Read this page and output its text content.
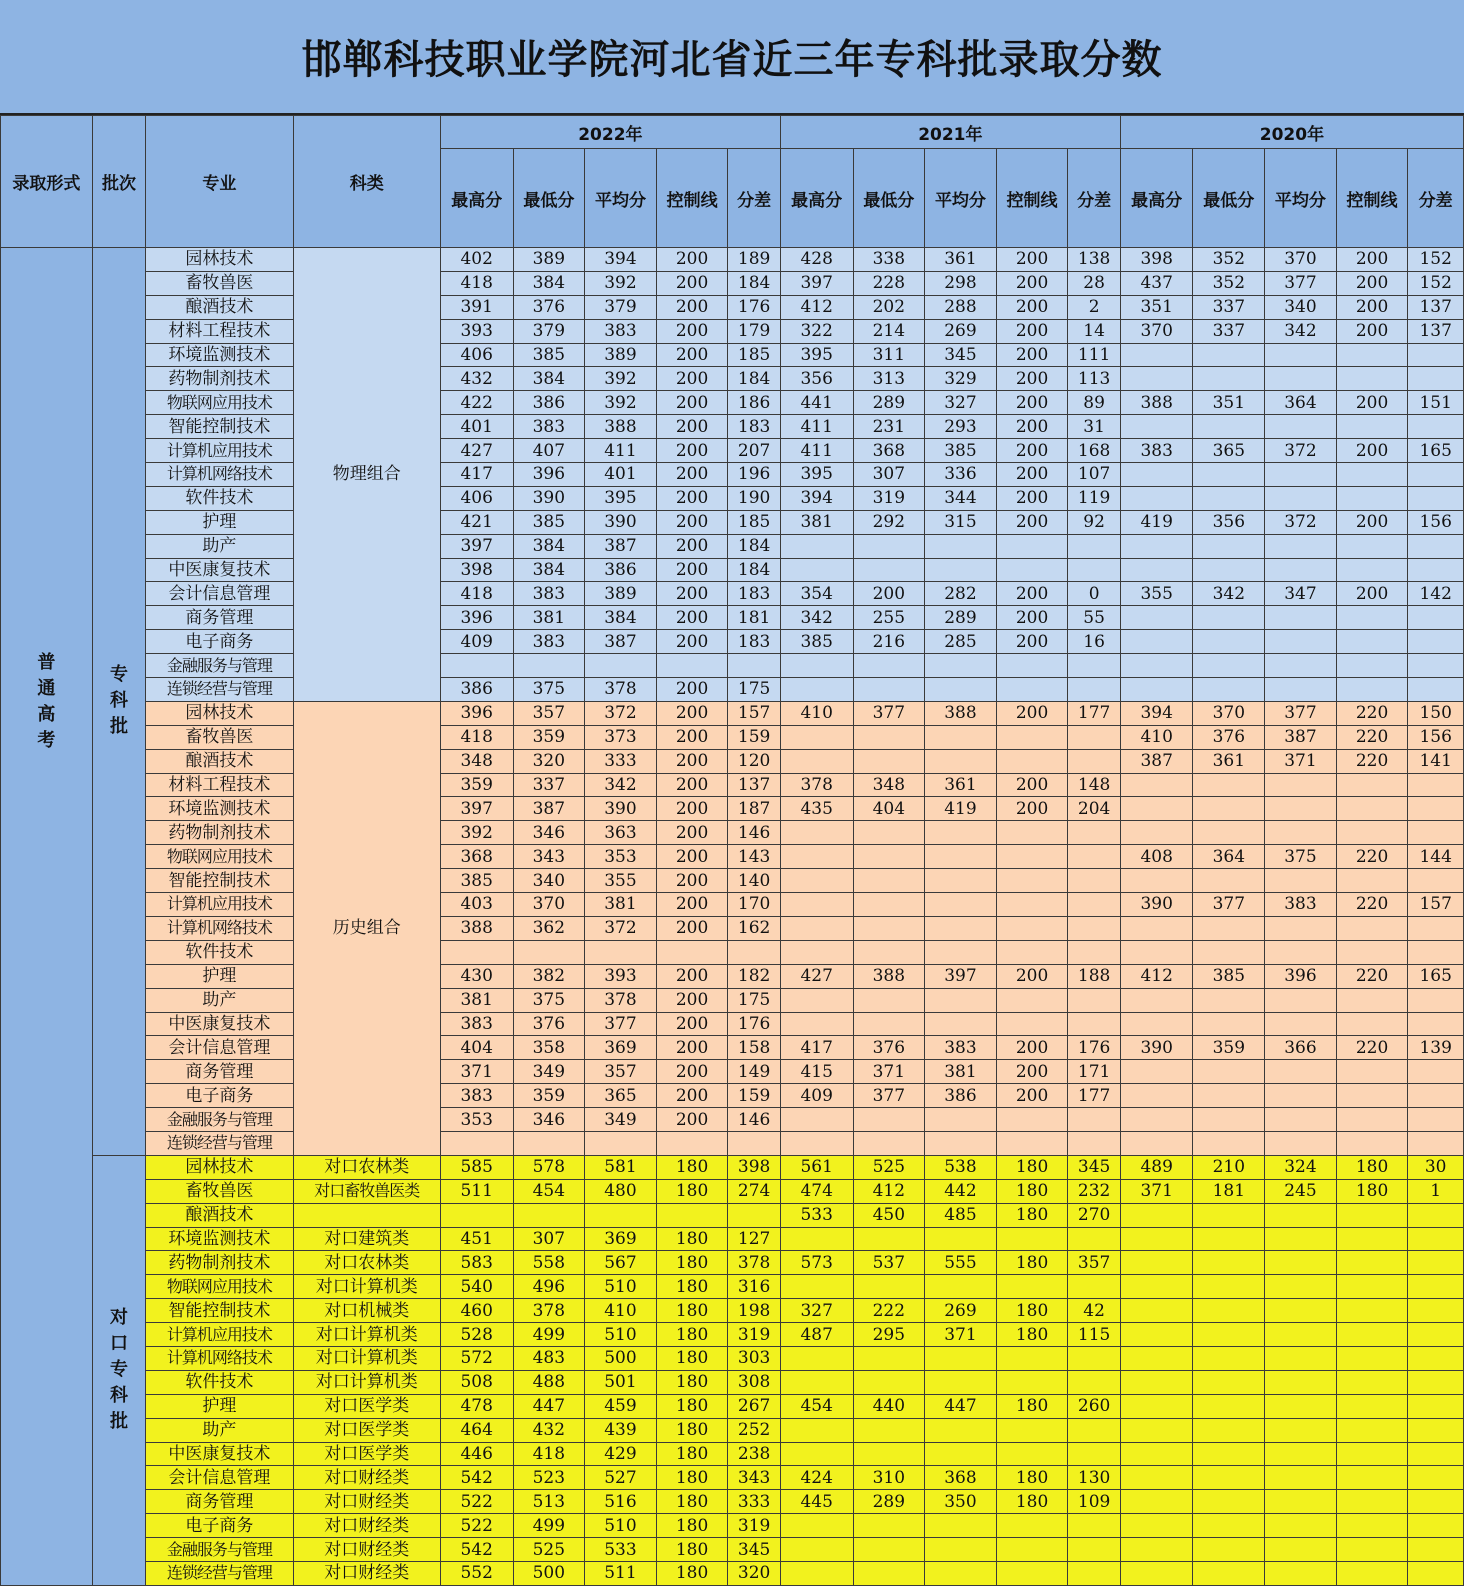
邯郸科技职业学院河北省近三年专科批录取分数
录取形式	批次	专业	科类	2022年					2021年					2020年				
				最高分	最低分	平均分	控制线	分差	最高分	最低分	平均分	控制线	分差	最高分	最低分	平均分	控制线	分差

普通高考	专科批	园林技术	物理组合	402	389	394	200	189	428	338	361	200	138	398	352	370	200	152
		畜牧兽医		418	384	392	200	184	397	228	298	200	28	437	352	377	200	152
		酿酒技术		391	376	379	200	176	412	202	288	200	2	351	337	340	200	137
		材料工程技术		393	379	383	200	179	322	214	269	200	14	370	337	342	200	137
		环境监测技术		406	385	389	200	185	395	311	345	200	111					
		药物制剂技术		432	384	392	200	184	356	313	329	200	113					
		物联网应用技术		422	386	392	200	186	441	289	327	200	89	388	351	364	200	151
		智能控制技术		401	383	388	200	183	411	231	293	200	31					
		计算机应用技术		427	407	411	200	207	411	368	385	200	168	383	365	372	200	165
		计算机网络技术		417	396	401	200	196	395	307	336	200	107					
		软件技术		406	390	395	200	190	394	319	344	200	119					
		护理		421	385	390	200	185	381	292	315	200	92	419	356	372	200	156
		助产		397	384	387	200	184										
		中医康复技术		398	384	386	200	184										
		会计信息管理		418	383	389	200	183	354	200	282	200	0	355	342	347	200	142
		商务管理		396	381	384	200	181	342	255	289	200	55					
		电子商务		409	383	387	200	183	385	216	285	200	16					
		金融服务与管理																
		连锁经营与管理		386	375	378	200	175										
		园林技术	历史组合	396	357	372	200	157	410	377	388	200	177	394	370	377	220	150
		畜牧兽医		418	359	373	200	159						410	376	387	220	156
		酿酒技术		348	320	333	200	120						387	361	371	220	141
		材料工程技术		359	337	342	200	137	378	348	361	200	148					
		环境监测技术		397	387	390	200	187	435	404	419	200	204					
		药物制剂技术		392	346	363	200	146										
		物联网应用技术		368	343	353	200	143						408	364	375	220	144
		智能控制技术		385	340	355	200	140										
		计算机应用技术		403	370	381	200	170						390	377	383	220	157
		计算机网络技术		388	362	372	200	162										
		软件技术																
		护理		430	382	393	200	182	427	388	397	200	188	412	385	396	220	165
		助产		381	375	378	200	175										
		中医康复技术		383	376	377	200	176										
		会计信息管理		404	358	369	200	158	417	376	383	200	176	390	359	366	220	139
		商务管理		371	349	357	200	149	415	371	381	200	171					
		电子商务		383	359	365	200	159	409	377	386	200	177					
		金融服务与管理		353	346	349	200	146										
		连锁经营与管理																

	对口专科批	园林技术	对口农林类	585	578	581	180	398	561	525	538	180	345	489	210	324	180	30
		畜牧兽医	对口畜牧兽医类	511	454	480	180	274	474	412	442	180	232	371	181	245	180	1
		酿酒技术							533	450	485	180	270					
		环境监测技术	对口建筑类	451	307	369	180	127										
		药物制剂技术	对口农林类	583	558	567	180	378	573	537	555	180	357					
		物联网应用技术	对口计算机类	540	496	510	180	316										
		智能控制技术	对口机械类	460	378	410	180	198	327	222	269	180	42					
		计算机应用技术	对口计算机类	528	499	510	180	319	487	295	371	180	115					
		计算机网络技术	对口计算机类	572	483	500	180	303										
		软件技术	对口计算机类	508	488	501	180	308										
		护理	对口医学类	478	447	459	180	267	454	440	447	180	260					
		助产	对口医学类	464	432	439	180	252										
		中医康复技术	对口医学类	446	418	429	180	238										
		会计信息管理	对口财经类	542	523	527	180	343	424	310	368	180	130					
		商务管理	对口财经类	522	513	516	180	333	445	289	350	180	109					
		电子商务	对口财经类	522	499	510	180	319										
		金融服务与管理	对口财经类	542	525	533	180	345										
		连锁经营与管理	对口财经类	552	500	511	180	320										
